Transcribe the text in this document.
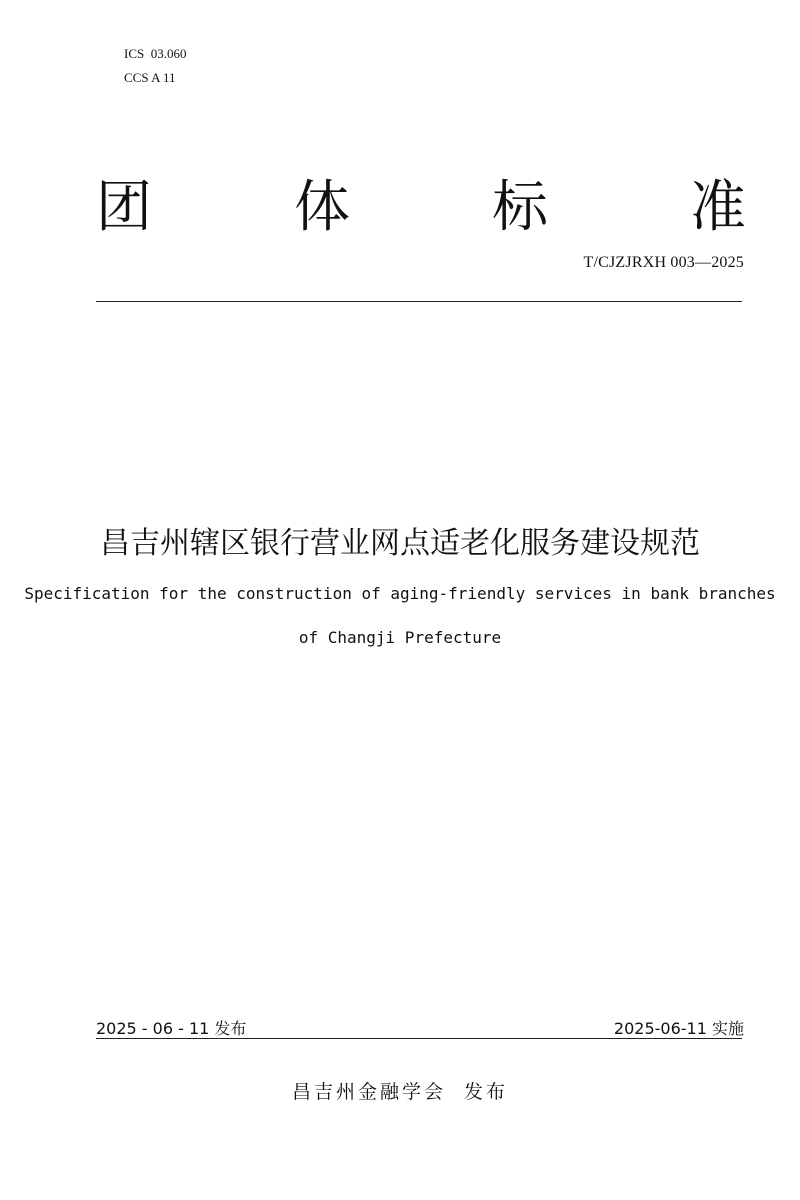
ICS  03.060
CCS A 11
团	体	标	准
T/CJZJRXH 003—2025
昌吉州辖区银行营业网点适老化服务建设规范
Specification for the construction of aging-friendly services in bank branches
of Changji Prefecture
2025 - 06 - 11 发布	2025-06-11 实施
昌吉州金融学会  发布
